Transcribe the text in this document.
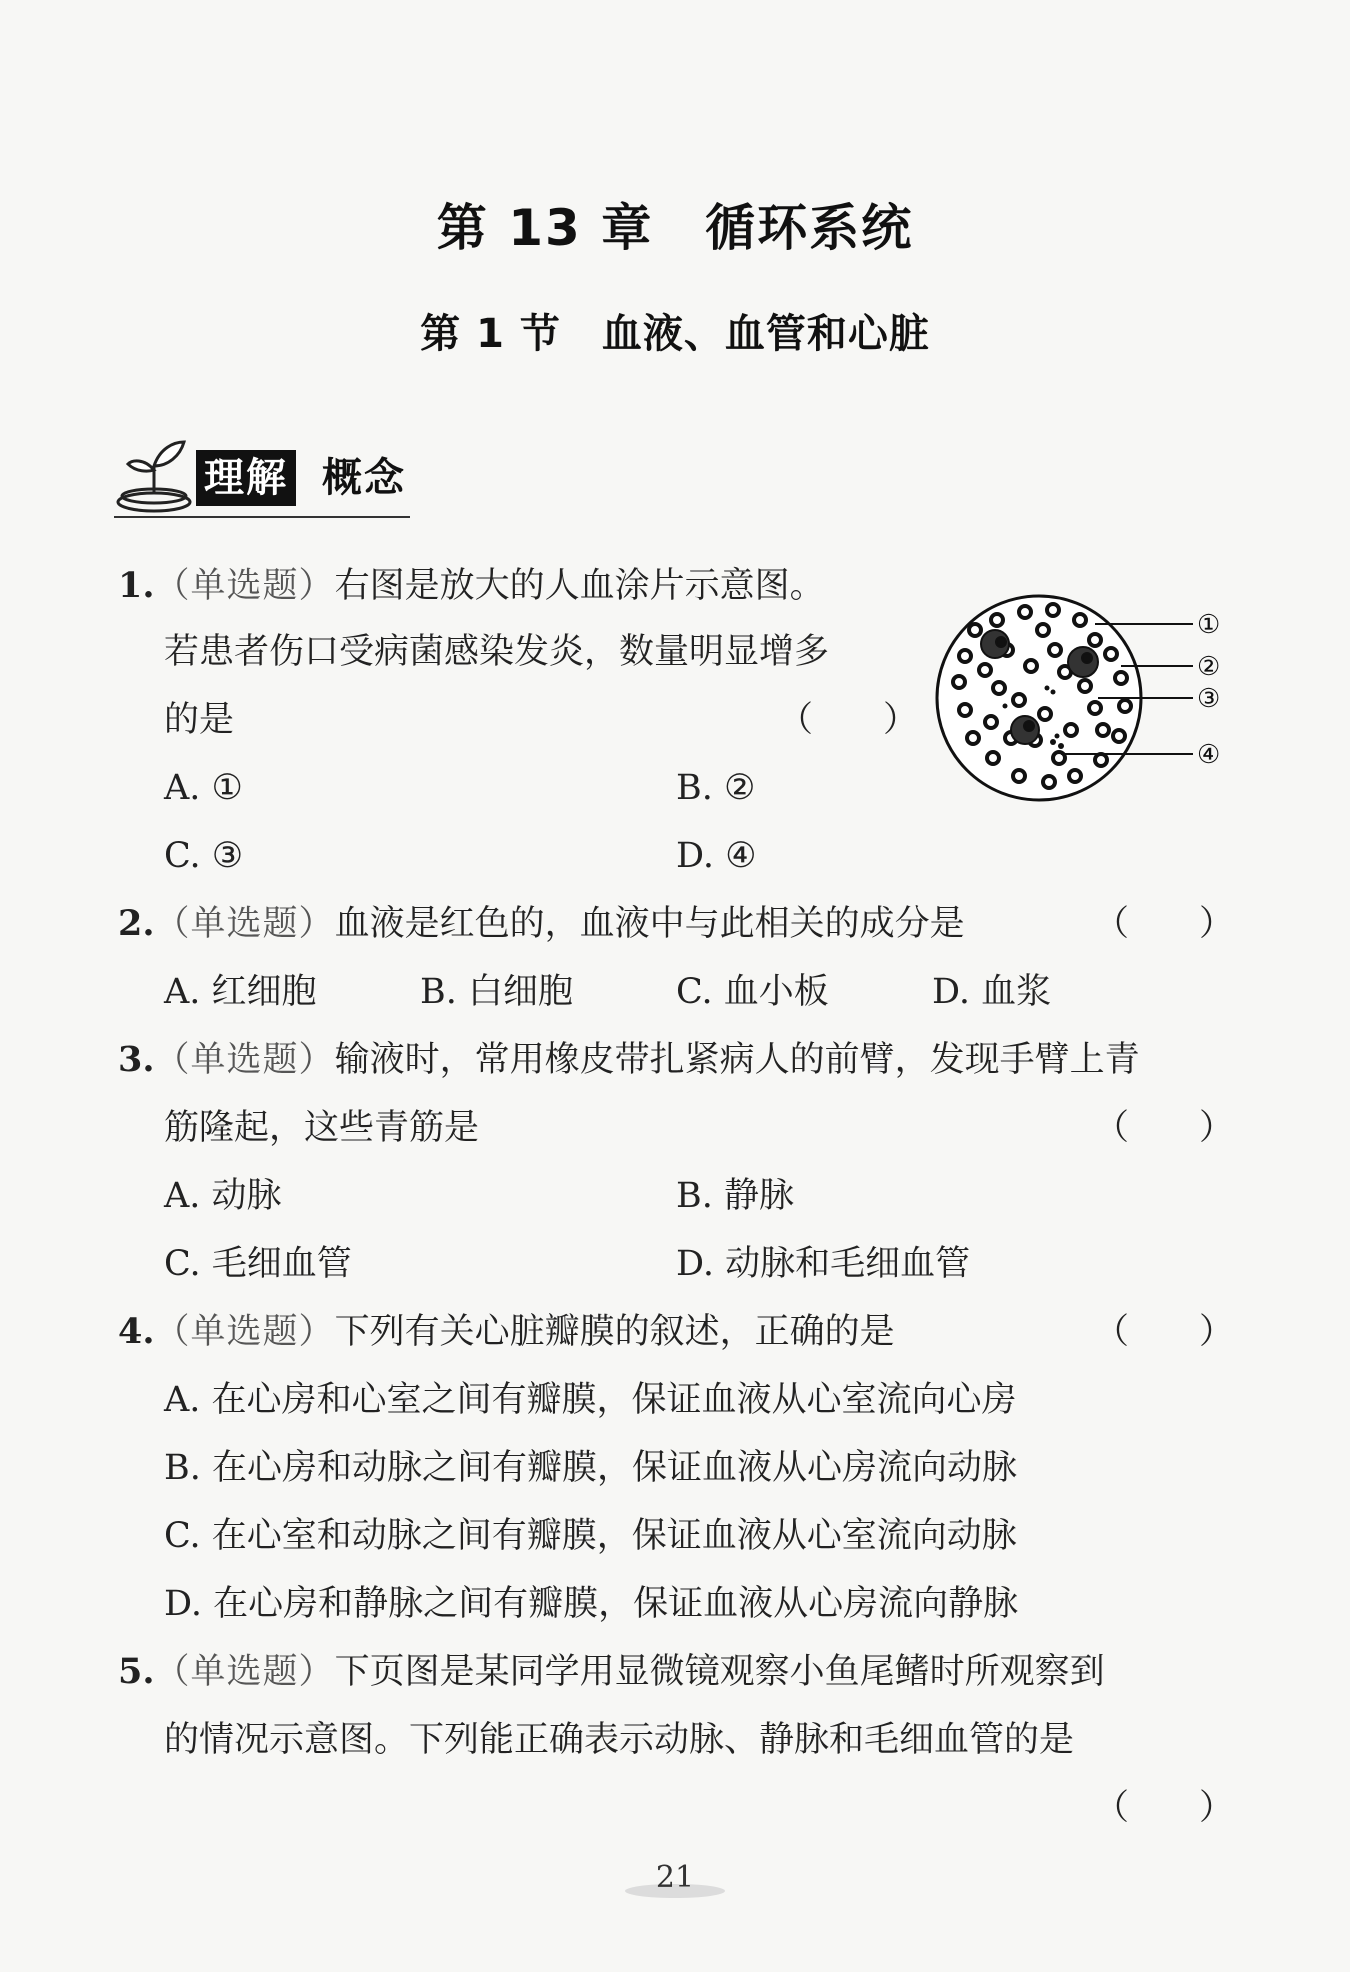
第 13 章　循环系统
第 1 节　血液、血管和心脏
理解 概念
1.（单选题）右图是放大的人血涂片示意图。
若患者伤口受病菌感染发炎，数量明显增多
的是	（　　）
A. ①	B. ②
C. ③	D. ④
①
②
③
④
2.（单选题）血液是红色的，血液中与此相关的成分是	（　　）
A. 红细胞	B. 白细胞	C. 血小板	D. 血浆
3.（单选题）输液时，常用橡皮带扎紧病人的前臂，发现手臂上青
筋隆起，这些青筋是	（　　）
A. 动脉	B. 静脉
C. 毛细血管	D. 动脉和毛细血管
4.（单选题）下列有关心脏瓣膜的叙述，正确的是	（　　）
A. 在心房和心室之间有瓣膜，保证血液从心室流向心房
B. 在心房和动脉之间有瓣膜，保证血液从心房流向动脉
C. 在心室和动脉之间有瓣膜，保证血液从心室流向动脉
D. 在心房和静脉之间有瓣膜，保证血液从心房流向静脉
5.（单选题）下页图是某同学用显微镜观察小鱼尾鳍时所观察到
的情况示意图。下列能正确表示动脉、静脉和毛细血管的是
（　　）
21
